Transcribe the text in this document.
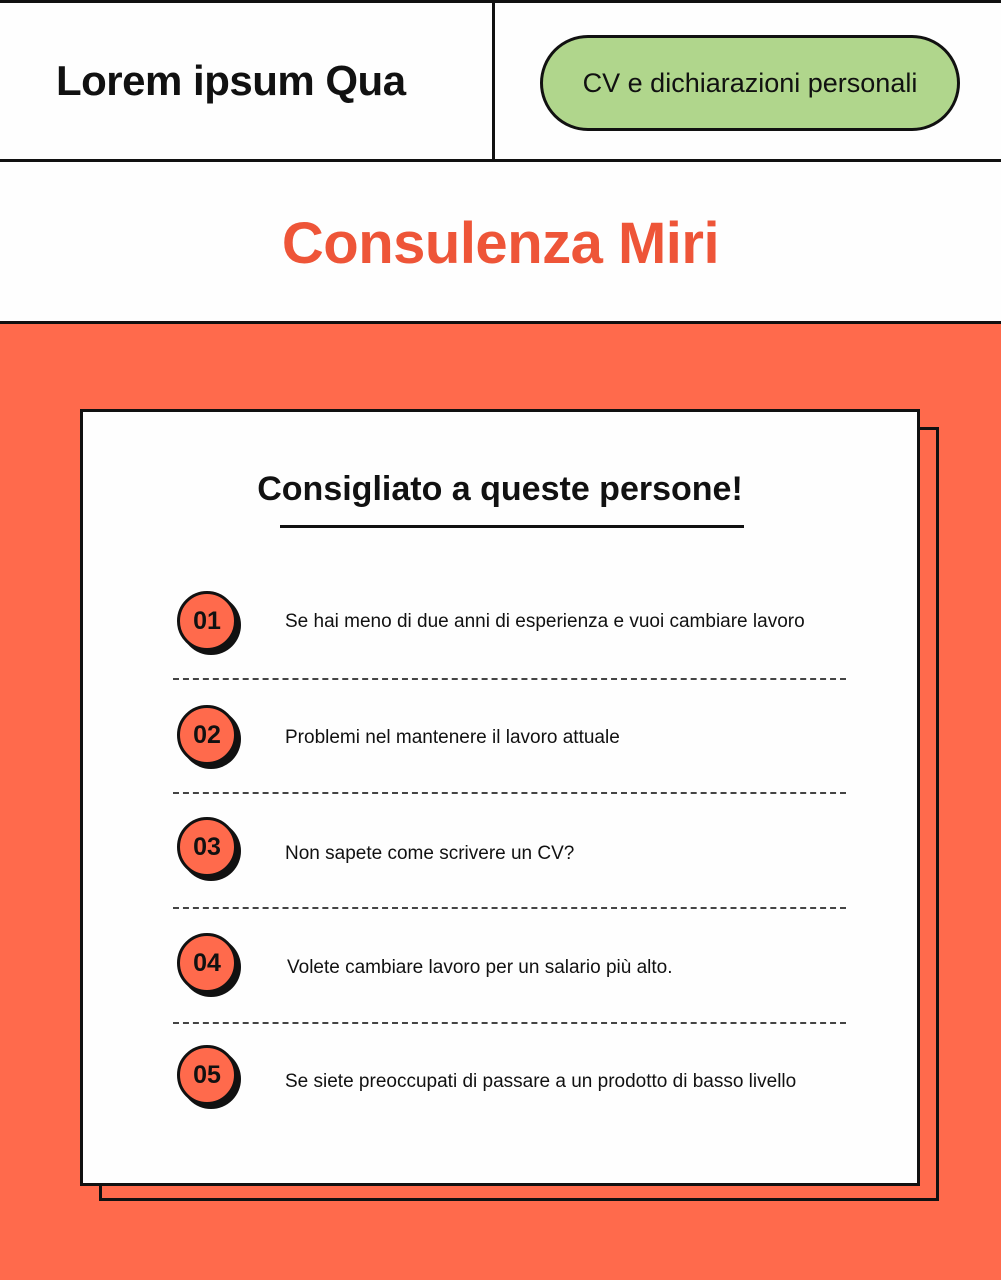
Lorem ipsum Qua	CV e dichiarazioni personali
Consulenza Miri
Consigliato a queste persone!
01	Se hai meno di due anni di esperienza e vuoi cambiare lavoro
02	Problemi nel mantenere il lavoro attuale
03	Non sapete come scrivere un CV?
04	Volete cambiare lavoro per un salario più alto.
05	Se siete preoccupati di passare a un prodotto di basso livello
